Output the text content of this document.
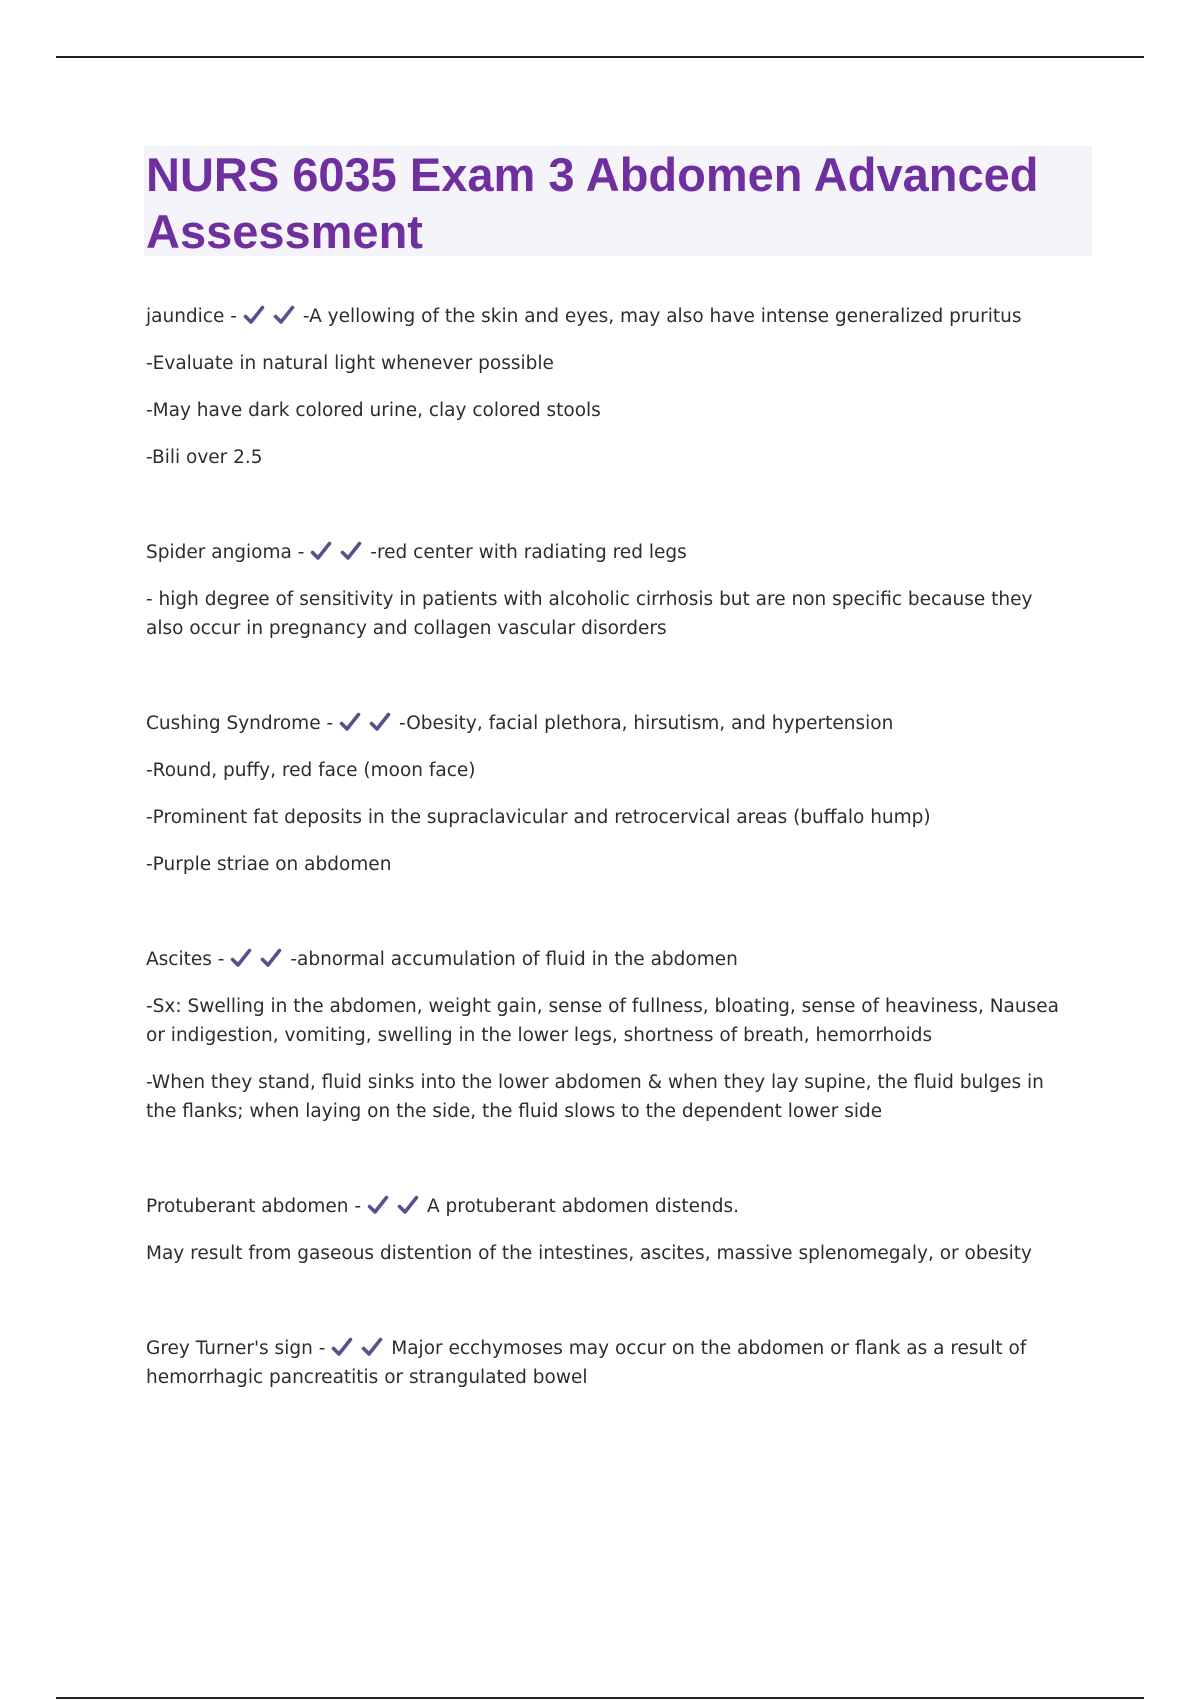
NURS 6035 Exam 3 Abdomen Advanced Assessment

jaundice -	-A yellowing of the skin and eyes, may also have intense generalized pruritus

-Evaluate in natural light whenever possible

-May have dark colored urine, clay colored stools

-Bili over 2.5

Spider angioma -	-red center with radiating red legs

- high degree of sensitivity in patients with alcoholic cirrhosis but are non specific because they also occur in pregnancy and collagen vascular disorders

Cushing Syndrome -	-Obesity, facial plethora, hirsutism, and hypertension

-Round, puffy, red face (moon face)

-Prominent fat deposits in the supraclavicular and retrocervical areas (buffalo hump)

-Purple striae on abdomen

Ascites -	-abnormal accumulation of fluid in the abdomen

-Sx: Swelling in the abdomen, weight gain, sense of fullness, bloating, sense of heaviness, Nausea or indigestion, vomiting, swelling in the lower legs, shortness of breath, hemorrhoids

-When they stand, fluid sinks into the lower abdomen & when they lay supine, the fluid bulges in the flanks; when laying on the side, the fluid slows to the dependent lower side

Protuberant abdomen -	A protuberant abdomen distends.

May result from gaseous distention of the intestines, ascites, massive splenomegaly, or obesity

Grey Turner's sign -	Major ecchymoses may occur on the abdomen or flank as a result of hemorrhagic pancreatitis or strangulated bowel
